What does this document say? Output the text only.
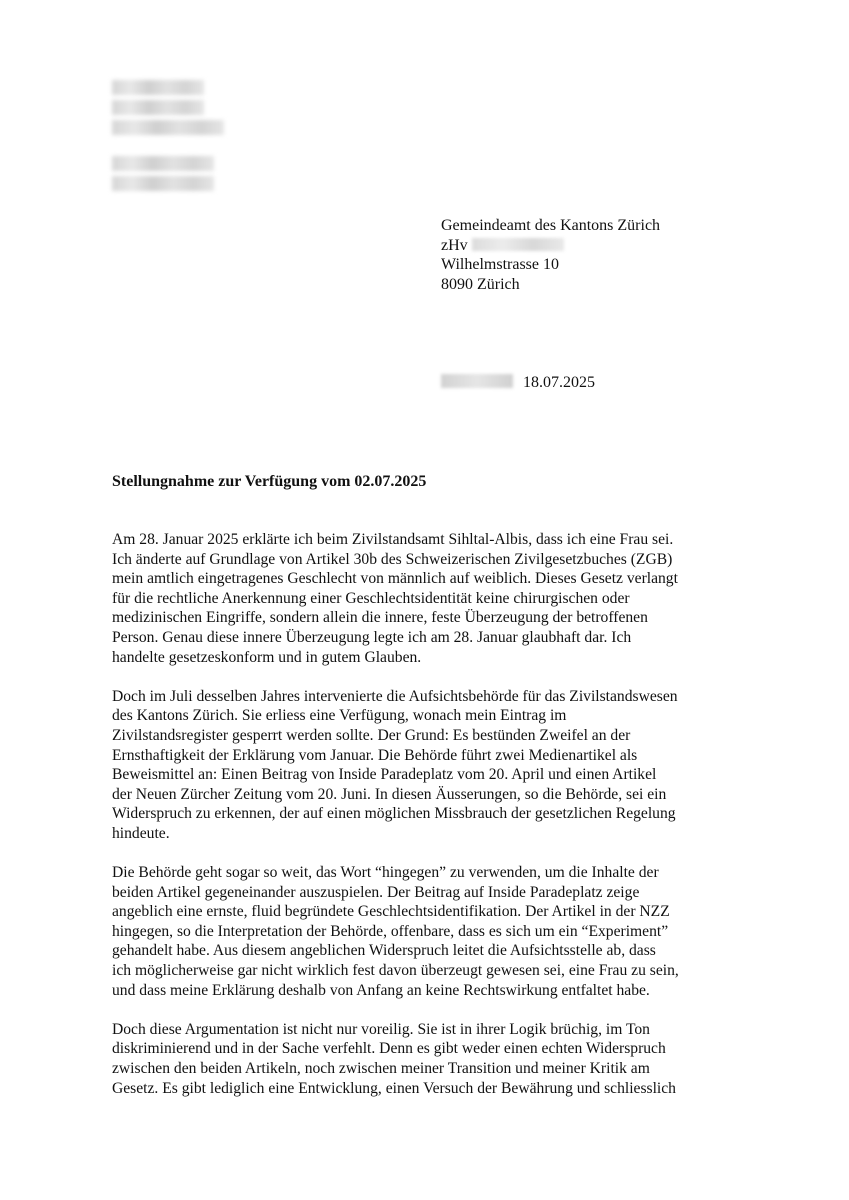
Gemeindeamt des Kantons Zürich
zHv
Wilhelmstrasse 10
8090 Zürich
18.07.2025
Stellungnahme zur Verfügung vom 02.07.2025

Am 28. Januar 2025 erklärte ich beim Zivilstandsamt Sihltal-Albis, dass ich eine Frau sei.
Ich änderte auf Grundlage von Artikel 30b des Schweizerischen Zivilgesetzbuches (ZGB)
mein amtlich eingetragenes Geschlecht von männlich auf weiblich. Dieses Gesetz verlangt
für die rechtliche Anerkennung einer Geschlechtsidentität keine chirurgischen oder
medizinischen Eingriffe, sondern allein die innere, feste Überzeugung der betroffenen
Person. Genau diese innere Überzeugung legte ich am 28. Januar glaubhaft dar. Ich
handelte gesetzeskonform und in gutem Glauben.

Doch im Juli desselben Jahres intervenierte die Aufsichtsbehörde für das Zivilstandswesen
des Kantons Zürich. Sie erliess eine Verfügung, wonach mein Eintrag im
Zivilstandsregister gesperrt werden sollte. Der Grund: Es bestünden Zweifel an der
Ernsthaftigkeit der Erklärung vom Januar. Die Behörde führt zwei Medienartikel als
Beweismittel an: Einen Beitrag von Inside Paradeplatz vom 20. April und einen Artikel
der Neuen Zürcher Zeitung vom 20. Juni. In diesen Äusserungen, so die Behörde, sei ein
Widerspruch zu erkennen, der auf einen möglichen Missbrauch der gesetzlichen Regelung
hindeute.

Die Behörde geht sogar so weit, das Wort “hingegen” zu verwenden, um die Inhalte der
beiden Artikel gegeneinander auszuspielen. Der Beitrag auf Inside Paradeplatz zeige
angeblich eine ernste, fluid begründete Geschlechtsidentifikation. Der Artikel in der NZZ
hingegen, so die Interpretation der Behörde, offenbare, dass es sich um ein “Experiment”
gehandelt habe. Aus diesem angeblichen Widerspruch leitet die Aufsichtsstelle ab, dass
ich möglicherweise gar nicht wirklich fest davon überzeugt gewesen sei, eine Frau zu sein,
und dass meine Erklärung deshalb von Anfang an keine Rechtswirkung entfaltet habe.

Doch diese Argumentation ist nicht nur voreilig. Sie ist in ihrer Logik brüchig, im Ton
diskriminierend und in der Sache verfehlt. Denn es gibt weder einen echten Widerspruch
zwischen den beiden Artikeln, noch zwischen meiner Transition und meiner Kritik am
Gesetz. Es gibt lediglich eine Entwicklung, einen Versuch der Bewährung und schliesslich
